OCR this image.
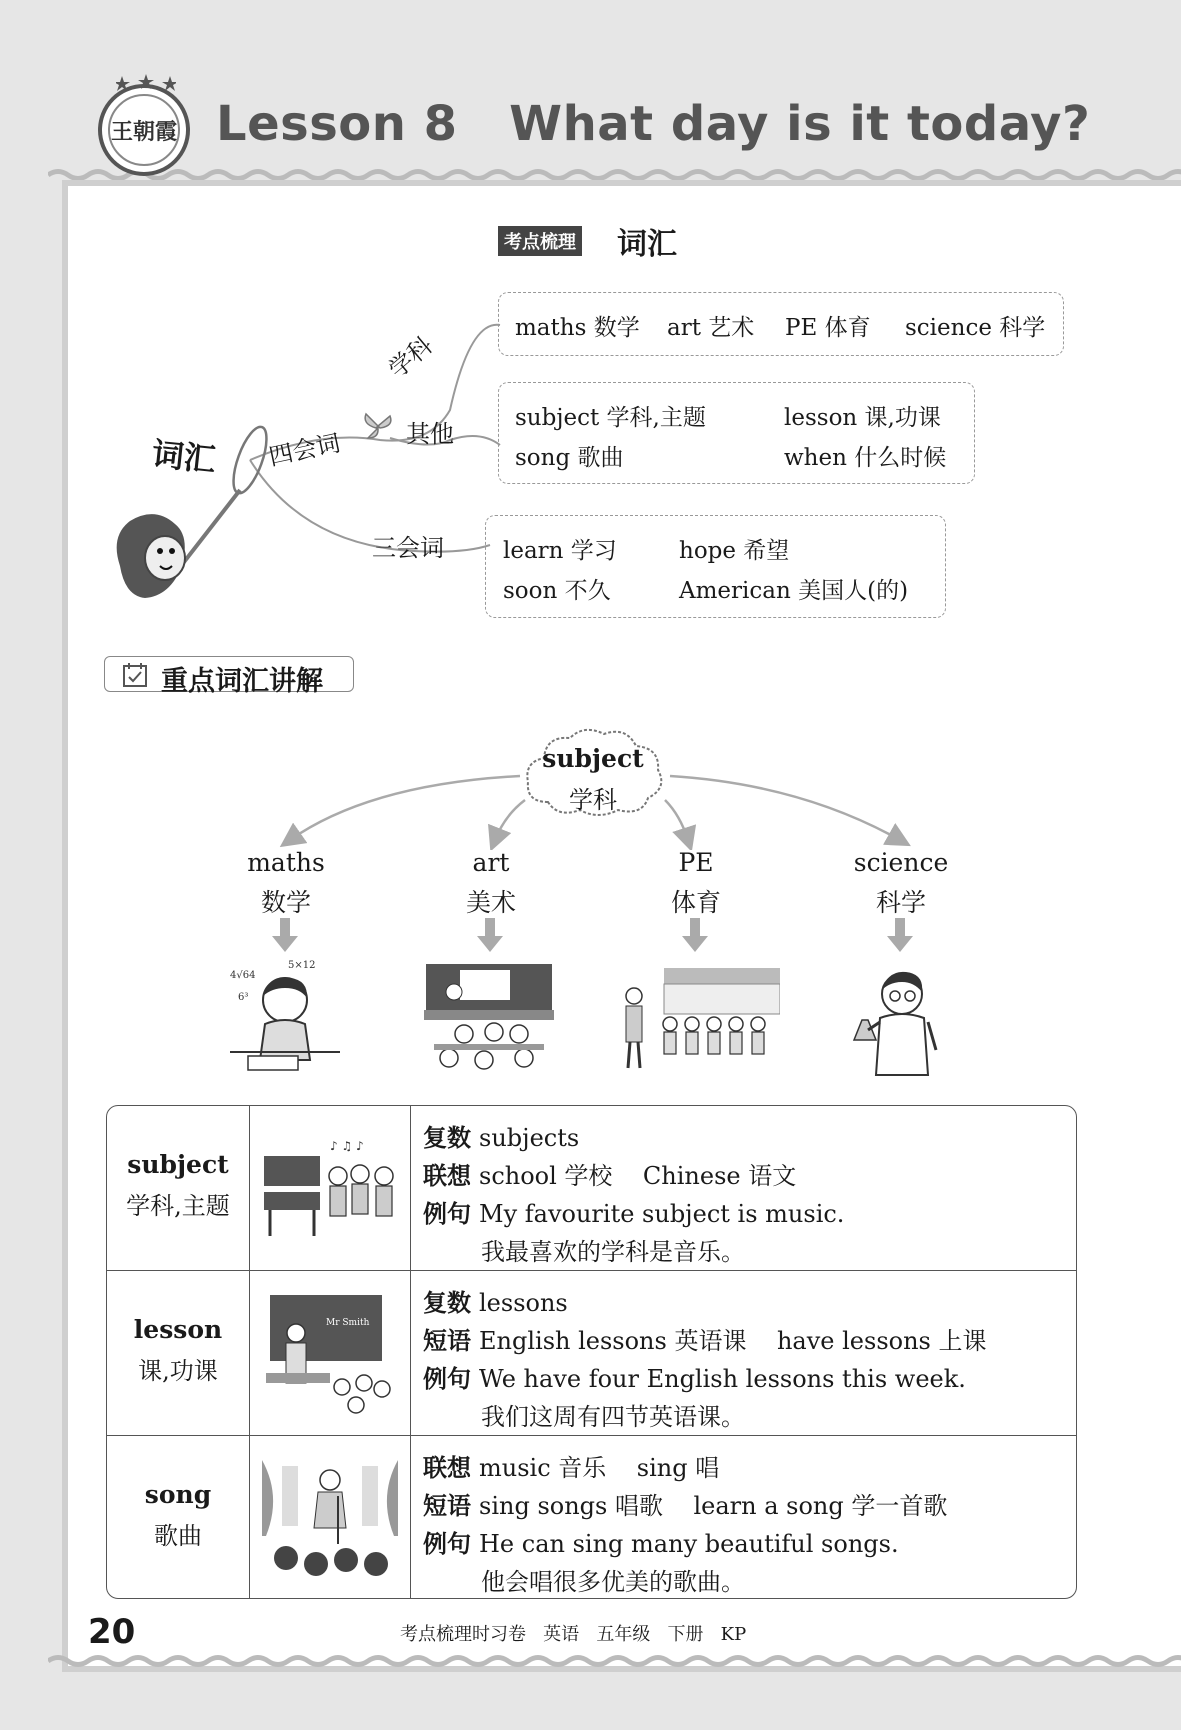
王朝霞 Lesson 8   What day is it today?
考点梳理 词汇
词汇 四会词
学科
其他
三会词
maths 数学 art 艺术 PE 体育 science 科学
subject 学科,主题	lesson 课,功课
song 歌曲	when 什么时候
learn 学习	hope 希望
soon 不久	American 美国人(的)
重点词汇讲解
subject
学科
maths
数学
art
美术
PE
体育
science
科学
4√64
5×12
6³
subject
学科,主题
♪ ♫ ♪ 复数 subjects
联想 school 学校    Chinese 语文
例句 My favourite subject is music.
我最喜欢的学科是音乐。
lesson
课,功课
Mr Smith
复数 lessons
短语 English lessons 英语课    have lessons 上课
例句 We have four English lessons this week.
我们这周有四节英语课。
song
歌曲
联想 music 音乐    sing 唱
短语 sing songs 唱歌    learn a song 学一首歌
例句 He can sing many beautiful songs.
他会唱很多优美的歌曲。
20	考点梳理时习卷   英语   五年级   下册   KP
